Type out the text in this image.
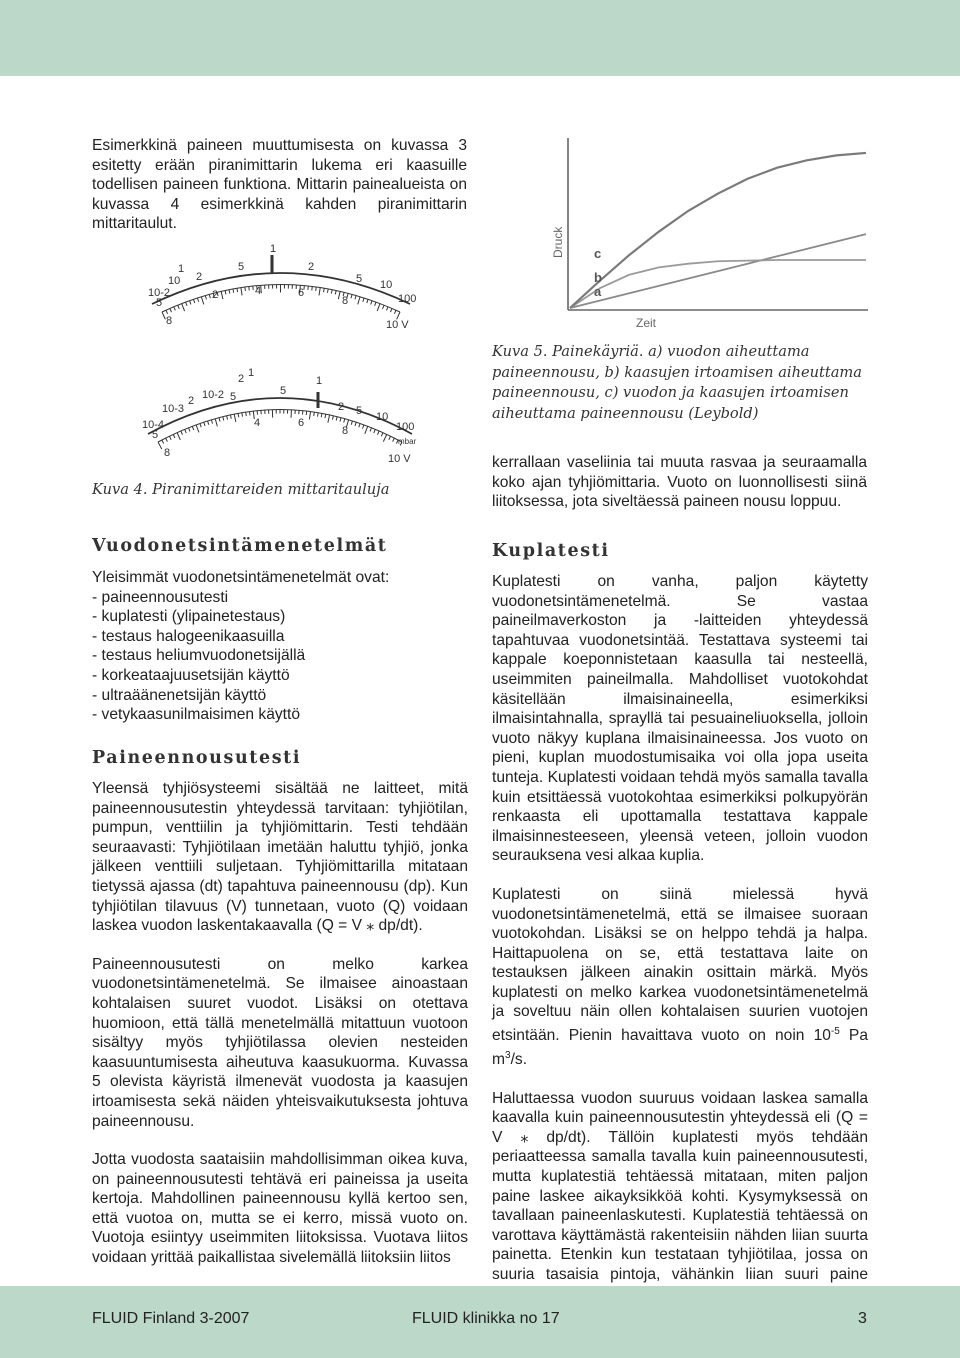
Esimerkkinä paineen muuttumisesta on kuvassa 3 esitetty erään piranimittarin lukema eri kaasuille todellisen paineen funktiona. Mittarin painealueista on kuvassa 4 esimerkkinä kahden piranimittarin mittaritaulut.

10-2
10
5
2
1	5
2
1
2
5 10
100
10 V
8
4	6
8
10-4
10-3
5
2 10-2 5
2 1
5
1
2 5 10
100
10 V
mbar
8
4	6
8
Kuva 4. Piranimittareiden mittaritauluja
Druck
Zeit
c
b
a
Kuva 5. Painekäyriä. a) vuodon aiheuttama paineennousu, b) kaasujen irtoamisen aiheuttama paineennousu, c) vuodon ja kaasujen irtoamisen aiheuttama paineennousu (Leybold)

kerrallaan vaseliinia tai muuta rasvaa ja seuraamalla koko ajan tyhjiömittaria. Vuoto on luonnollisesti siinä liitoksessa, jota siveltäessä paineen nousu loppuu.

Vuodonetsintämenetelmät

Yleisimmät vuodonetsintämenetelmät ovat:

- paineennousutesti
- kuplatesti (ylipainetestaus)
- testaus halogeenikaasuilla
- testaus heliumvuodonetsijällä
- korkeataajuusetsijän käyttö
- ultraäänenetsijän käyttö
- vetykaasunilmaisimen käyttö
Paineennousutesti

Yleensä tyhjiösysteemi sisältää ne laitteet, mitä paineennousutestin yhteydessä tarvitaan: tyhjiötilan, pumpun, venttiilin ja tyhjiömittarin. Testi tehdään seuraavasti: Tyhjiötilaan imetään haluttu tyhjiö, jonka jälkeen venttiili suljetaan. Tyhjiömittarilla mitataan tietyssä ajassa (dt) tapahtuva paineennousu (dp). Kun tyhjiötilan tilavuus (V) tunnetaan, vuoto (Q) voidaan laskea vuodon laskentakaavalla (Q = V ⁎ dp/dt).

Paineennousutesti on melko karkea vuodonetsintämenetelmä. Se ilmaisee ainoastaan kohtalaisen suuret vuodot. Lisäksi on otettava huomioon, että tällä menetelmällä mitattuun vuotoon sisältyy myös tyhjiötilassa olevien nesteiden kaasuuntumisesta aiheutuva kaasukuorma. Kuvassa 5 olevista käyristä ilmenevät vuodosta ja kaasujen irtoamisesta sekä näiden yhteisvaikutuksesta johtuva paineennousu.

Jotta vuodosta saataisiin mahdollisimman oikea kuva, on paineennousutesti tehtävä eri paineissa ja useita kertoja. Mahdollinen paineennousu kyllä kertoo sen, että vuotoa on, mutta se ei kerro, missä vuoto on. Vuotoja esiintyy useimmiten liitoksissa. Vuotava liitos voidaan yrittää paikallistaa sivelemällä liitoksiin liitos

Kuplatesti

Kuplatesti on vanha, paljon käytetty vuodonetsintämenetelmä. Se vastaa paineilmaverkoston ja -laitteiden yhteydessä tapahtuvaa vuodonetsintää. Testattava systeemi tai kappale koeponnistetaan kaasulla tai nesteellä, useimmiten paineilmalla. Mahdolliset vuotokohdat käsitellään ilmaisinaineella, esimerkiksi ilmaisintahnalla, sprayllä tai pesuaineliuoksella, jolloin vuoto näkyy kuplana ilmaisinaineessa. Jos vuoto on pieni, kuplan muodostumisaika voi olla jopa useita tunteja. Kuplatesti voidaan tehdä myös samalla tavalla kuin etsittäessä vuotokohtaa esimerkiksi polkupyörän renkaasta eli upottamalla testattava kappale ilmaisinnesteeseen, yleensä veteen, jolloin vuodon seurauksena vesi alkaa kuplia.

Kuplatesti on siinä mielessä hyvä vuodonetsintämenetelmä, että se ilmaisee suoraan vuotokohdan. Lisäksi se on helppo tehdä ja halpa. Haittapuolena on se, että testattava laite on testauksen jälkeen ainakin osittain märkä. Myös kuplatesti on melko karkea vuodonetsintämenetelmä ja soveltuu näin ollen kohtalaisen suurien vuotojen etsintään. Pienin havaittava vuoto on noin $10^{-5}$ Pa $m^3/s$.

Haluttaessa vuodon suuruus voidaan laskea samalla kaavalla kuin paineennousutestin yhteydessä eli (Q = V ⁎ dp/dt). Tällöin kuplatesti myös tehdään periaatteessa samalla tavalla kuin paineennousutesti, mutta kuplatestiä tehtäessä mitataan, miten paljon paine laskee aikayksikköä kohti. Kysymyksessä on tavallaan paineenlaskutesti. Kuplatestiä tehtäessä on varottava käyttämästä rakenteisiin nähden liian suurta painetta. Etenkin kun testataan tyhjiötilaa, jossa on suuria tasaisia pintoja, vähänkin liian suuri paine

FLUID Finland 3-2007	FLUID klinikka no 17	3
